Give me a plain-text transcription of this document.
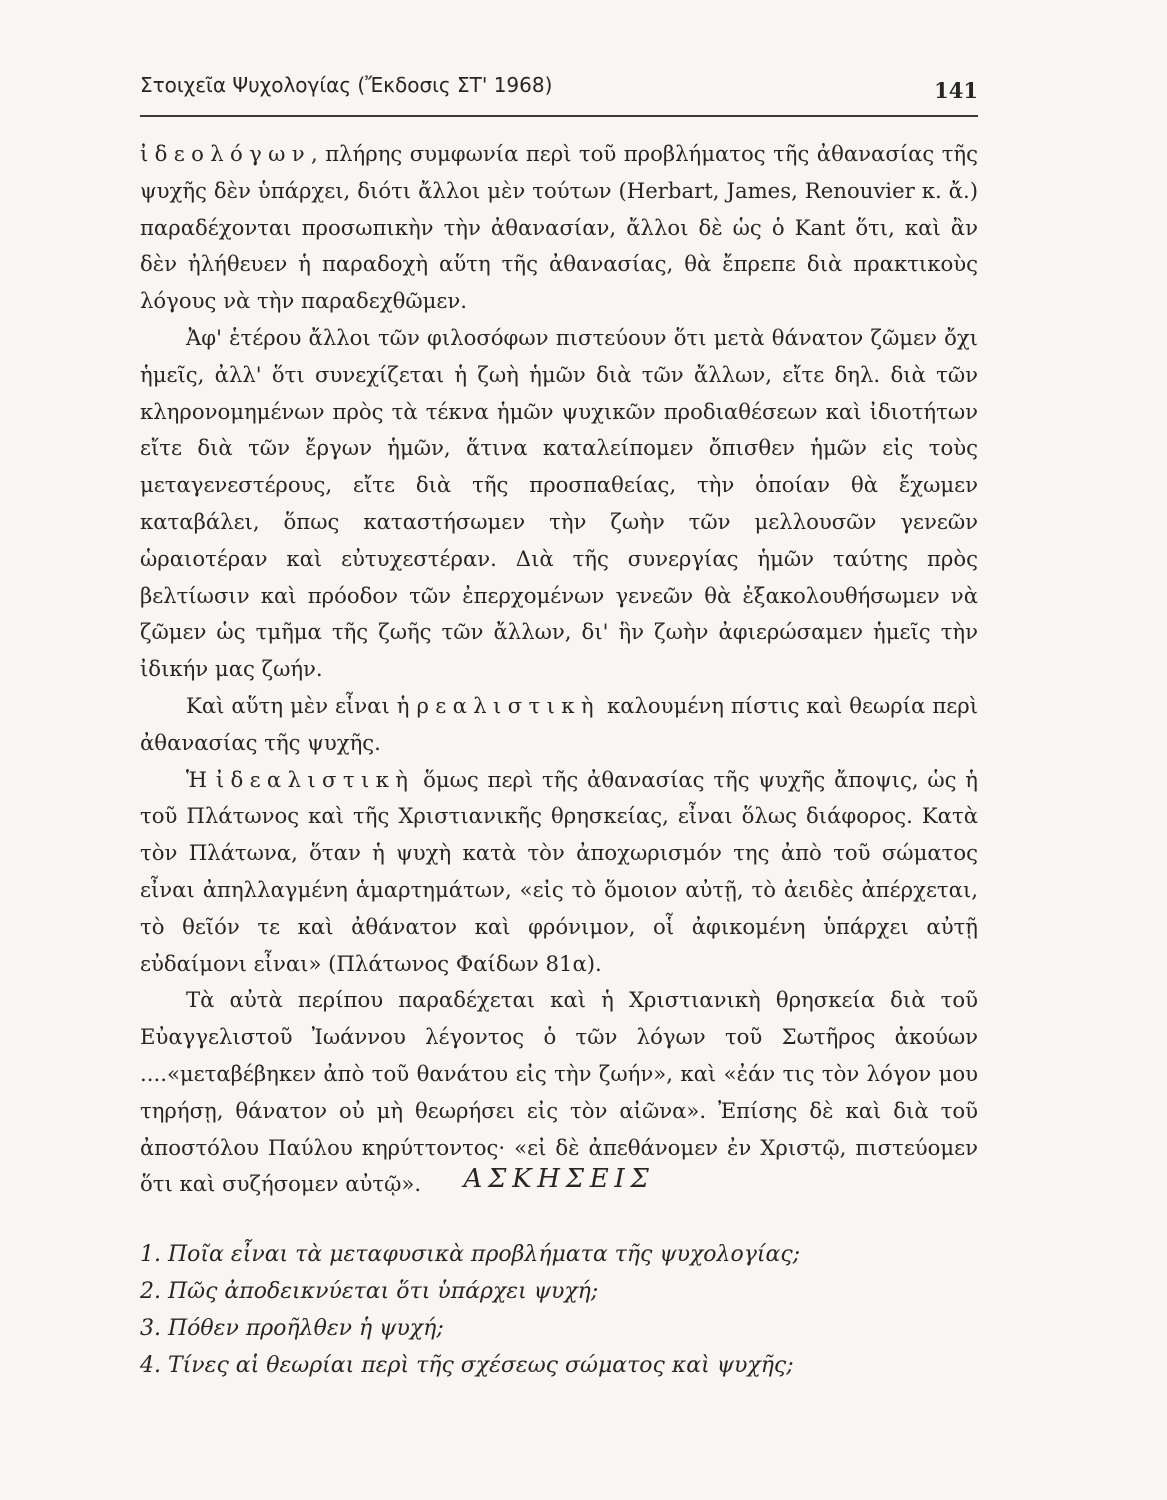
Στοιχεῖα Ψυχολογίας (Ἔκδοσις ΣΤ' 1968)	141

ἰδεολόγων, πλήρης συμφωνία περὶ τοῦ προβλήματος τῆς ἀθανασίας τῆς ψυχῆς δὲν ὑπάρχει, διότι ἄλλοι μὲν τούτων (Herbart, James, Renouvier κ. ἄ.) παραδέχονται προσωπικὴν τὴν ἀθανασίαν, ἄλλοι δὲ ὡς ὁ Kant ὅτι, καὶ ἂν δὲν ἠλήθευεν ἡ παραδοχὴ αὕτη τῆς ἀθανασίας, θὰ ἔπρεπε διὰ πρακτικοὺς λόγους νὰ τὴν παραδεχθῶμεν.

Ἀφ' ἑτέρου ἄλλοι τῶν φιλοσόφων πιστεύουν ὅτι μετὰ θάνατον ζῶμεν ὄχι ἡμεῖς, ἀλλ' ὅτι συνεχίζεται ἡ ζωὴ ἡμῶν διὰ τῶν ἄλλων, εἴτε δηλ. διὰ τῶν κληρονομημένων πρὸς τὰ τέκνα ἡμῶν ψυχικῶν προδιαθέσεων καὶ ἰδιοτήτων εἴτε διὰ τῶν ἔργων ἡμῶν, ἅτινα καταλείπομεν ὄπισθεν ἡμῶν εἰς τοὺς μεταγενεστέρους, εἴτε διὰ τῆς προσπαθείας, τὴν ὁποίαν θὰ ἔχωμεν καταβάλει, ὅπως καταστήσωμεν τὴν ζωὴν τῶν μελλουσῶν γενεῶν ὡραιοτέραν καὶ εὐτυχεστέραν. Διὰ τῆς συνεργίας ἡμῶν ταύτης πρὸς βελτίωσιν καὶ πρόοδον τῶν ἐπερχομένων γενεῶν θὰ ἐξακολουθήσωμεν νὰ ζῶμεν ὡς τμῆμα τῆς ζωῆς τῶν ἄλλων, δι' ἣν ζωὴν ἀφιερώσαμεν ἡμεῖς τὴν ἰδικήν μας ζωήν.

Καὶ αὕτη μὲν εἶναι ἡ ρεαλιστικὴ καλουμένη πίστις καὶ θεωρία περὶ ἀθανασίας τῆς ψυχῆς.

Ἡ ἰδεαλιστικὴ ὅμως περὶ τῆς ἀθανασίας τῆς ψυχῆς ἄποψις, ὡς ἡ τοῦ Πλάτωνος καὶ τῆς Χριστιανικῆς θρησκείας, εἶναι ὅλως διάφορος. Κατὰ τὸν Πλάτωνα, ὅταν ἡ ψυχὴ κατὰ τὸν ἀποχωρισμόν της ἀπὸ τοῦ σώματος εἶναι ἀπηλλαγμένη ἁμαρτημάτων, «εἰς τὸ ὅμοιον αὐτῇ, τὸ ἀειδὲς ἀπέρχεται, τὸ θεῖόν τε καὶ ἀθάνατον καὶ φρόνιμον, οἷ ἀφικομένη ὑπάρχει αὐτῇ εὐδαίμονι εἶναι» (Πλάτωνος Φαίδων 81α).

Τὰ αὐτὰ περίπου παραδέχεται καὶ ἡ Χριστιανικὴ θρησκεία διὰ τοῦ Εὐαγγελιστοῦ Ἰωάννου λέγοντος ὁ τῶν λόγων τοῦ Σωτῆρος ἀκούων ....«μεταβέβηκεν ἀπὸ τοῦ θανάτου εἰς τὴν ζωήν», καὶ «ἐάν τις τὸν λόγον μου τηρήσῃ, θάνατον οὐ μὴ θεωρήσει εἰς τὸν αἰῶνα». Ἐπίσης δὲ καὶ διὰ τοῦ ἀποστόλου Παύλου κηρύττοντος· «εἰ δὲ ἀπεθάνομεν ἐν Χριστῷ, πιστεύομεν ὅτι καὶ συζήσομεν αὐτῷ».	ΑΣΚΗΣΕΙΣ
1. Ποῖα εἶναι τὰ μεταφυσικὰ προβλήματα τῆς ψυχολογίας;
2. Πῶς ἀποδεικνύεται ὅτι ὑπάρχει ψυχή;
3. Πόθεν προῆλθεν ἡ ψυχή;
4. Τίνες αἱ θεωρίαι περὶ τῆς σχέσεως σώματος καὶ ψυχῆς;
